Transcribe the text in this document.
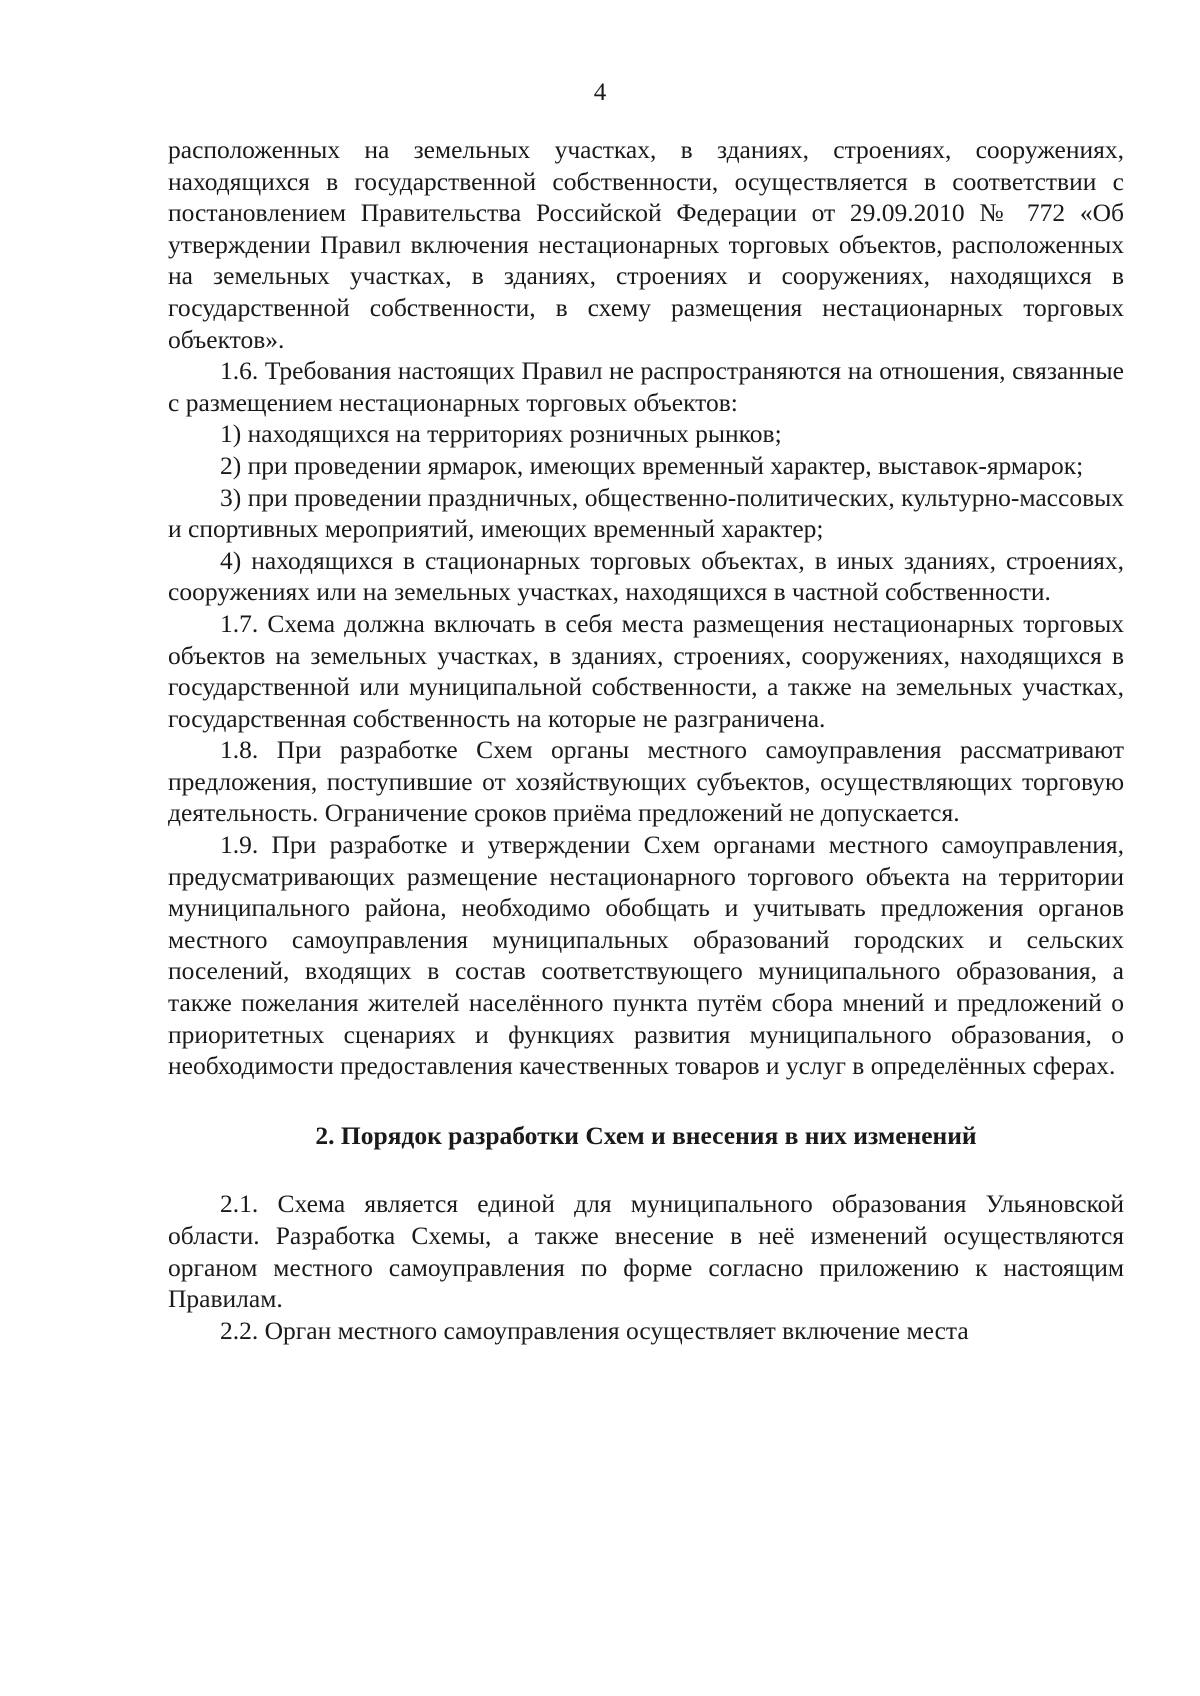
4

расположенных на земельных участках, в зданиях, строениях, сооружениях, находящихся в государственной собственности, осуществляется в соответствии с постановлением Правительства Российской Федерации от 29.09.2010 № 772 «Об утверждении Правил включения нестационарных торговых объектов, расположенных на земельных участках, в зданиях, строениях и сооружениях, находящихся в государственной собственности, в схему размещения нестационарных торговых объектов».

1.6. Требования настоящих Правил не распространяются на отношения, связанные с размещением нестационарных торговых объектов:

1) находящихся на территориях розничных рынков;

2) при проведении ярмарок, имеющих временный характер, выставок-ярмарок;

3) при проведении праздничных, общественно-политических, культурно-массовых и спортивных мероприятий, имеющих временный характер;

4) находящихся в стационарных торговых объектах, в иных зданиях, строениях, сооружениях или на земельных участках, находящихся в частной собственности.

1.7. Схема должна включать в себя места размещения нестационарных торговых объектов на земельных участках, в зданиях, строениях, сооружениях, находящихся в государственной или муниципальной собственности, а также на земельных участках, государственная собственность на которые не разграничена.

1.8. При разработке Схем органы местного самоуправления рассматривают предложения, поступившие от хозяйствующих субъектов, осуществляющих торговую деятельность. Ограничение сроков приёма предложений не допускается.

1.9. При разработке и утверждении Схем органами местного самоуправления, предусматривающих размещение нестационарного торгового объекта на территории муниципального района, необходимо обобщать и учитывать предложения органов местного самоуправления муниципальных образований городских и сельских поселений, входящих в состав соответствующего муниципального образования, а также пожелания жителей населённого пункта путём сбора мнений и предложений о приоритетных сценариях и функциях развития муниципального образования, о необходимости предоставления качественных товаров и услуг в определённых сферах.

2. Порядок разработки Схем и внесения в них изменений

2.1. Схема является единой для муниципального образования Ульяновской области. Разработка Схемы, а также внесение в неё изменений осуществляются органом местного самоуправления по форме согласно приложению к настоящим Правилам.

2.2. Орган местного самоуправления осуществляет включение места
